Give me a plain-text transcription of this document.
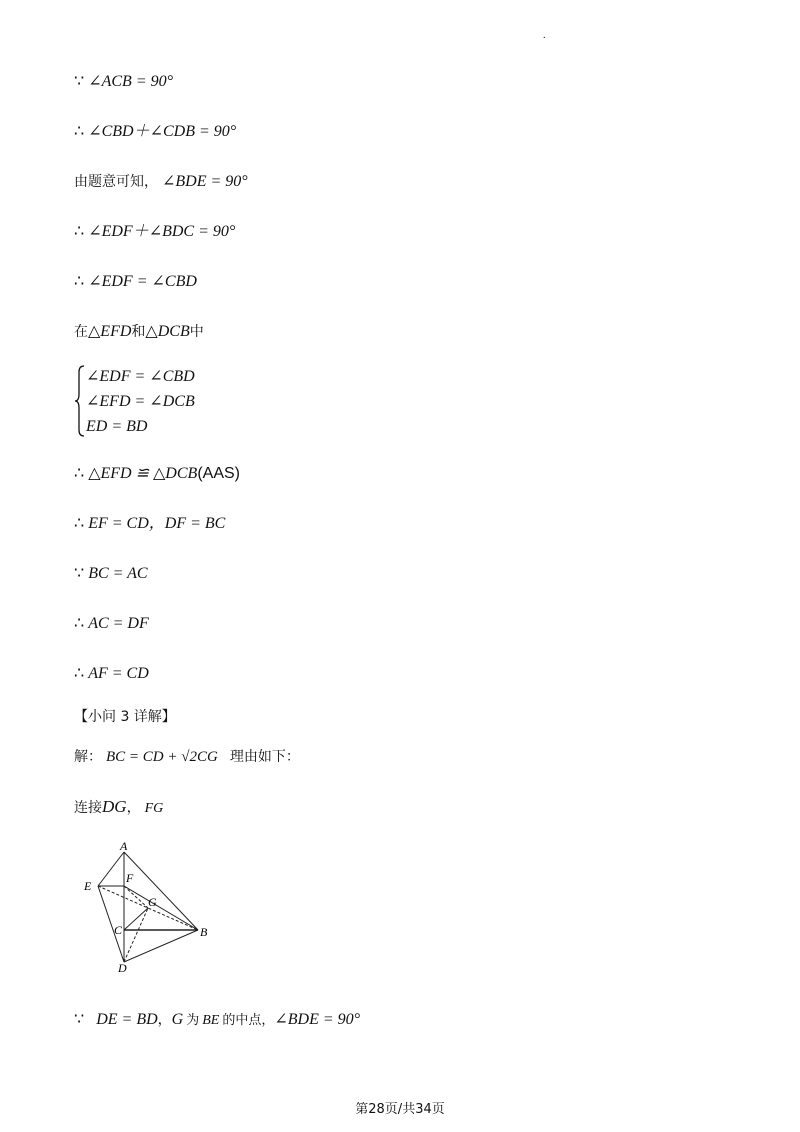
.
∵ ∠ACB = 90°
∴ ∠CBD＋∠CDB = 90°
由题意可知， ∠BDE = 90°
∴ ∠EDF＋∠BDC = 90°
∴ ∠EDF = ∠CBD
在△EFD和△DCB中
∠EDF = ∠CBD
∠EFD = ∠DCB
ED = BD
∴ △EFD ≌ △DCB(AAS)
∴ EF = CD，DF = BC
∵ BC = AC
∴ AC = DF
∴ AF = CD
【小问 3 详解】
解： BC = CD + √2CG 理由如下：
连接DG， FG
A
E
F
G
C	B
D
∵ DE = BD，G 为 BE 的中点，∠BDE = 90°
第28页/共34页
